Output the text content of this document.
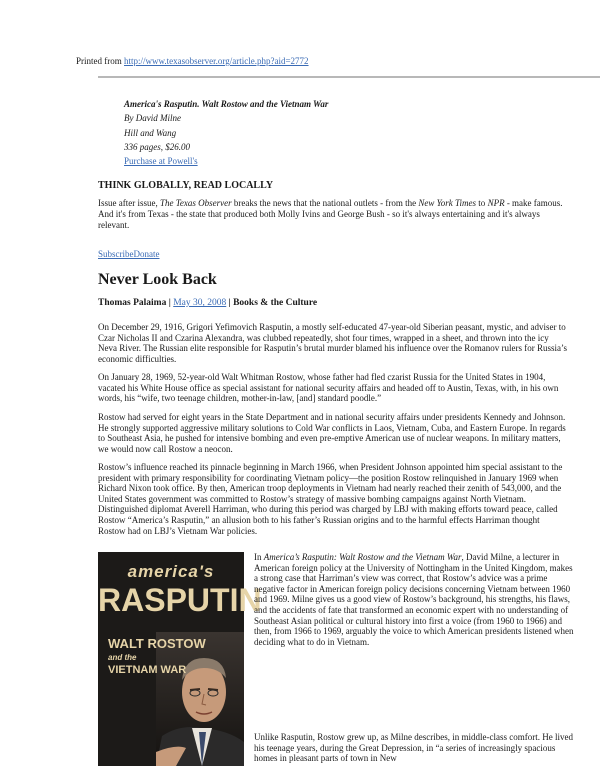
Printed from http://www.texasobserver.org/article.php?aid=2772
America's Rasputin. Walt Rostow and the Vietnam War
By David Milne
Hill and Wang
336 pages, $26.00
Purchase at Powell's
THINK GLOBALLY, READ LOCALLY
Issue after issue, The Texas Observer breaks the news that the national outlets - from the New York Times to NPR - make famous.
And it's from Texas - the state that produced both Molly Ivins and George Bush - so it's always entertaining and it's always relevant.
SubscribeDonate
Never Look Back
Thomas Palaima | May 30, 2008 | Books & the Culture

On December 29, 1916, Grigori Yefimovich Rasputin, a mostly self-educated 47-year-old Siberian peasant, mystic, and adviser to Czar Nicholas II and Czarina Alexandra, was clubbed repeatedly, shot four times, wrapped in a sheet, and thrown into the icy Neva River. The Russian elite responsible for Rasputin’s brutal murder blamed his influence over the Romanov rulers for Russia’s economic difficulties.

On January 28, 1969, 52-year-old Walt Whitman Rostow, whose father had fled czarist Russia for the United States in 1904, vacated his White House office as special assistant for national security affairs and headed off to Austin, Texas, with, in his own words, his “wife, two teenage children, mother-in-law, [and] standard poodle.”

Rostow had served for eight years in the State Department and in national security affairs under presidents Kennedy and Johnson. He strongly supported aggressive military solutions to Cold War conflicts in Laos, Vietnam, Cuba, and Eastern Europe. In regards to Southeast Asia, he pushed for intensive bombing and even pre-emptive American use of nuclear weapons. In military matters, we would now call Rostow a neocon.

Rostow’s influence reached its pinnacle beginning in March 1966, when President Johnson appointed him special assistant to the president with primary responsibility for coordinating Vietnam policy—the position Rostow relinquished in January 1969 when Richard Nixon took office. By then, American troop deployments in Vietnam had nearly reached their zenith of 543,000, and the United States government was committed to Rostow’s strategy of massive bombing campaigns against North Vietnam. Distinguished diplomat Averell Harriman, who during this period was charged by LBJ with making efforts toward peace, called Rostow “America’s Rasputin,” an allusion both to his father’s Russian origins and to the harmful effects Harriman thought Rostow had on LBJ’s Vietnam War policies.

america's
RASPUTIN
WALT ROSTOW
and the
VIETNAM WAR

In America’s Rasputin: Walt Rostow and the Vietnam War, David Milne, a lecturer in American foreign policy at the University of Nottingham in the United Kingdom, makes a strong case that Harriman’s view was correct, that Rostow’s advice was a prime negative factor in American foreign policy decisions concerning Vietnam between 1960 and 1969. Milne gives us a good view of Rostow’s background, his strengths, his flaws, and the accidents of fate that transformed an economic expert with no understanding of Southeast Asian political or cultural history into first a voice (from 1960 to 1966) and then, from 1966 to 1969, arguably the voice to which American presidents listened when deciding what to do in Vietnam.

Unlike Rasputin, Rostow grew up, as Milne describes, in middle-class comfort. He lived his teenage years, during the Great Depression, in “a series of increasingly spacious homes in pleasant parts of town in New
